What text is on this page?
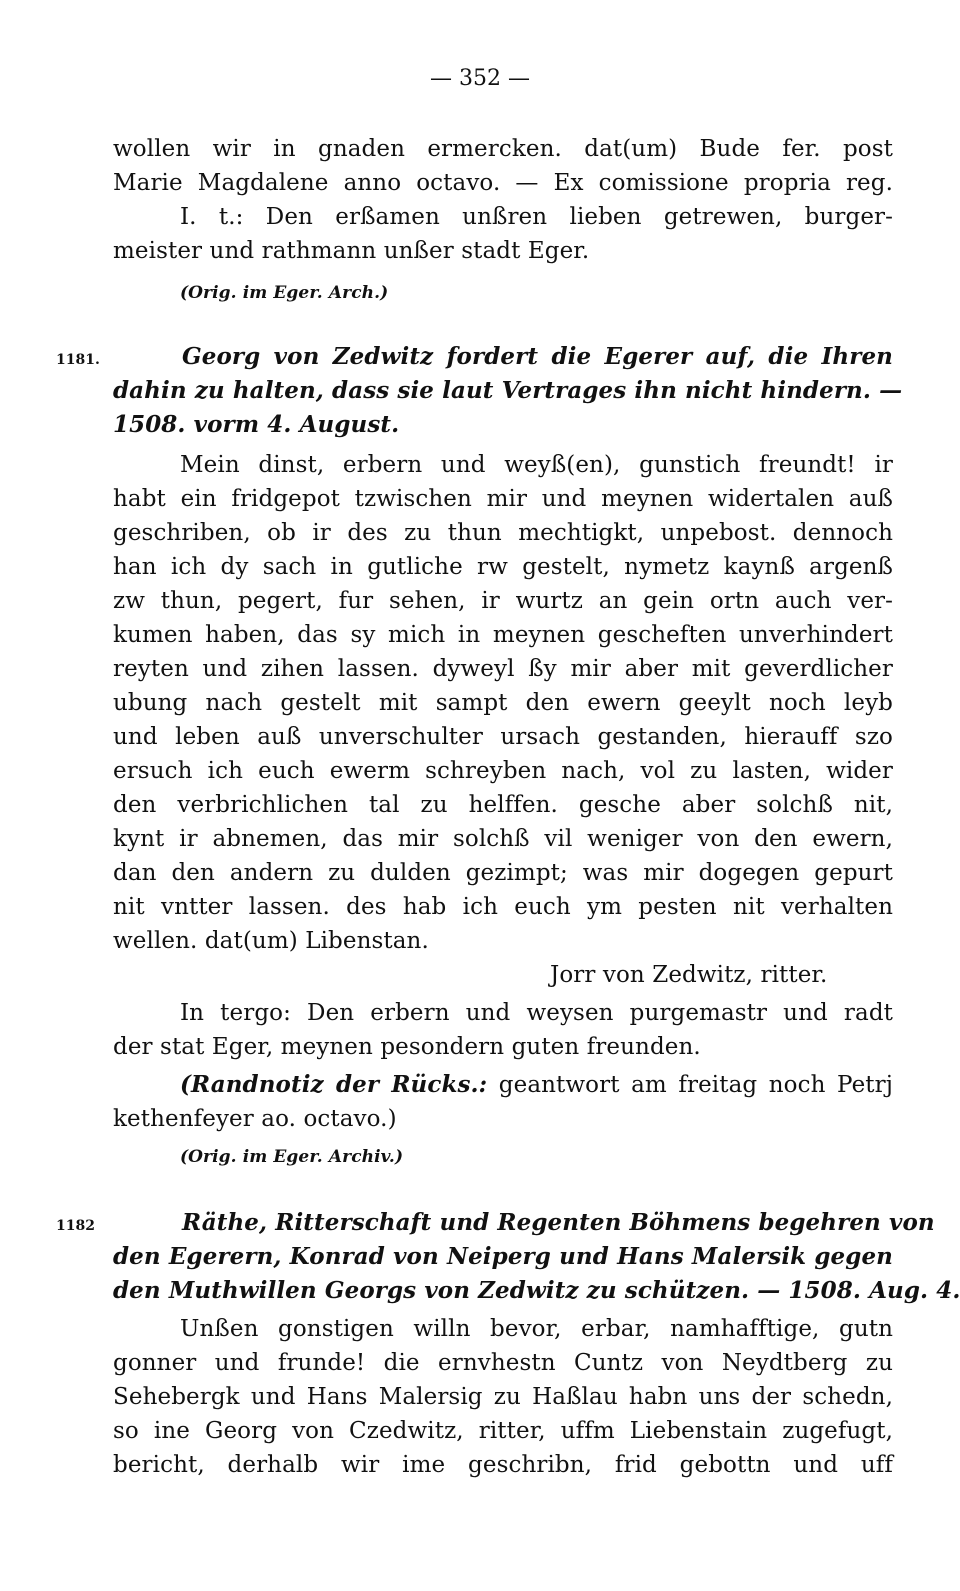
— 352 —
wollen wir in gnaden ermercken. dat(um) Bude fer. post
Marie Magdalene anno octavo. — Ex comissione propria reg.
I. t.: Den erßamen unßren lieben getrewen, burger-
meister und rathmann unßer stadt Eger.
(Orig. im Eger. Arch.)
1181.	Georg von Zedwitz fordert die Egerer auf, die Ihren
dahin zu halten, dass sie laut Vertrages ihn nicht hindern. —
1508. vorm 4. August.
Mein dinst, erbern und weyß(en), gunstich freundt! ir
habt ein fridgepot tzwischen mir und meynen widertalen auß
geschriben, ob ir des zu thun mechtigkt, unpebost. dennoch
han ich dy sach in gutliche rw gestelt, nymetz kaynß argenß
zw thun, pegert, fur sehen, ir wurtz an gein ortn auch ver-
kumen haben, das sy mich in meynen gescheften unverhindert
reyten und zihen lassen. dyweyl ßy mir aber mit geverdlicher
ubung nach gestelt mit sampt den ewern geeylt noch leyb
und leben auß unverschulter ursach gestanden, hierauff szo
ersuch ich euch ewerm schreyben nach, vol zu lasten, wider
den verbrichlichen tal zu helffen. gesche aber solchß nit,
kynt ir abnemen, das mir solchß vil weniger von den ewern,
dan den andern zu dulden gezimpt; was mir dogegen gepurt
nit vntter lassen. des hab ich euch ym pesten nit verhalten
wellen. dat(um) Libenstan.
Jorr von Zedwitz, ritter.
In tergo: Den erbern und weysen purgemastr und radt
der stat Eger, meynen pesondern guten freunden.
(Randnotiz der Rücks.: geantwort am freitag noch Petrj
kethenfeyer ao. octavo.)
(Orig. im Eger. Archiv.)
1182	Räthe, Ritterschaft und Regenten Böhmens begehren von
den Egerern, Konrad von Neiperg und Hans Malersik gegen
den Muthwillen Georgs von Zedwitz zu schützen. — 1508. Aug. 4.
Unßen gonstigen willn bevor, erbar, namhafftige, gutn
gonner und frunde! die ernvhestn Cuntz von Neydtberg zu
Sehebergk und Hans Malersig zu Haßlau habn uns der schedn,
so ine Georg von Czedwitz, ritter, uffm Liebenstain zugefugt,
bericht, derhalb wir ime geschribn, frid gebottn und uff
